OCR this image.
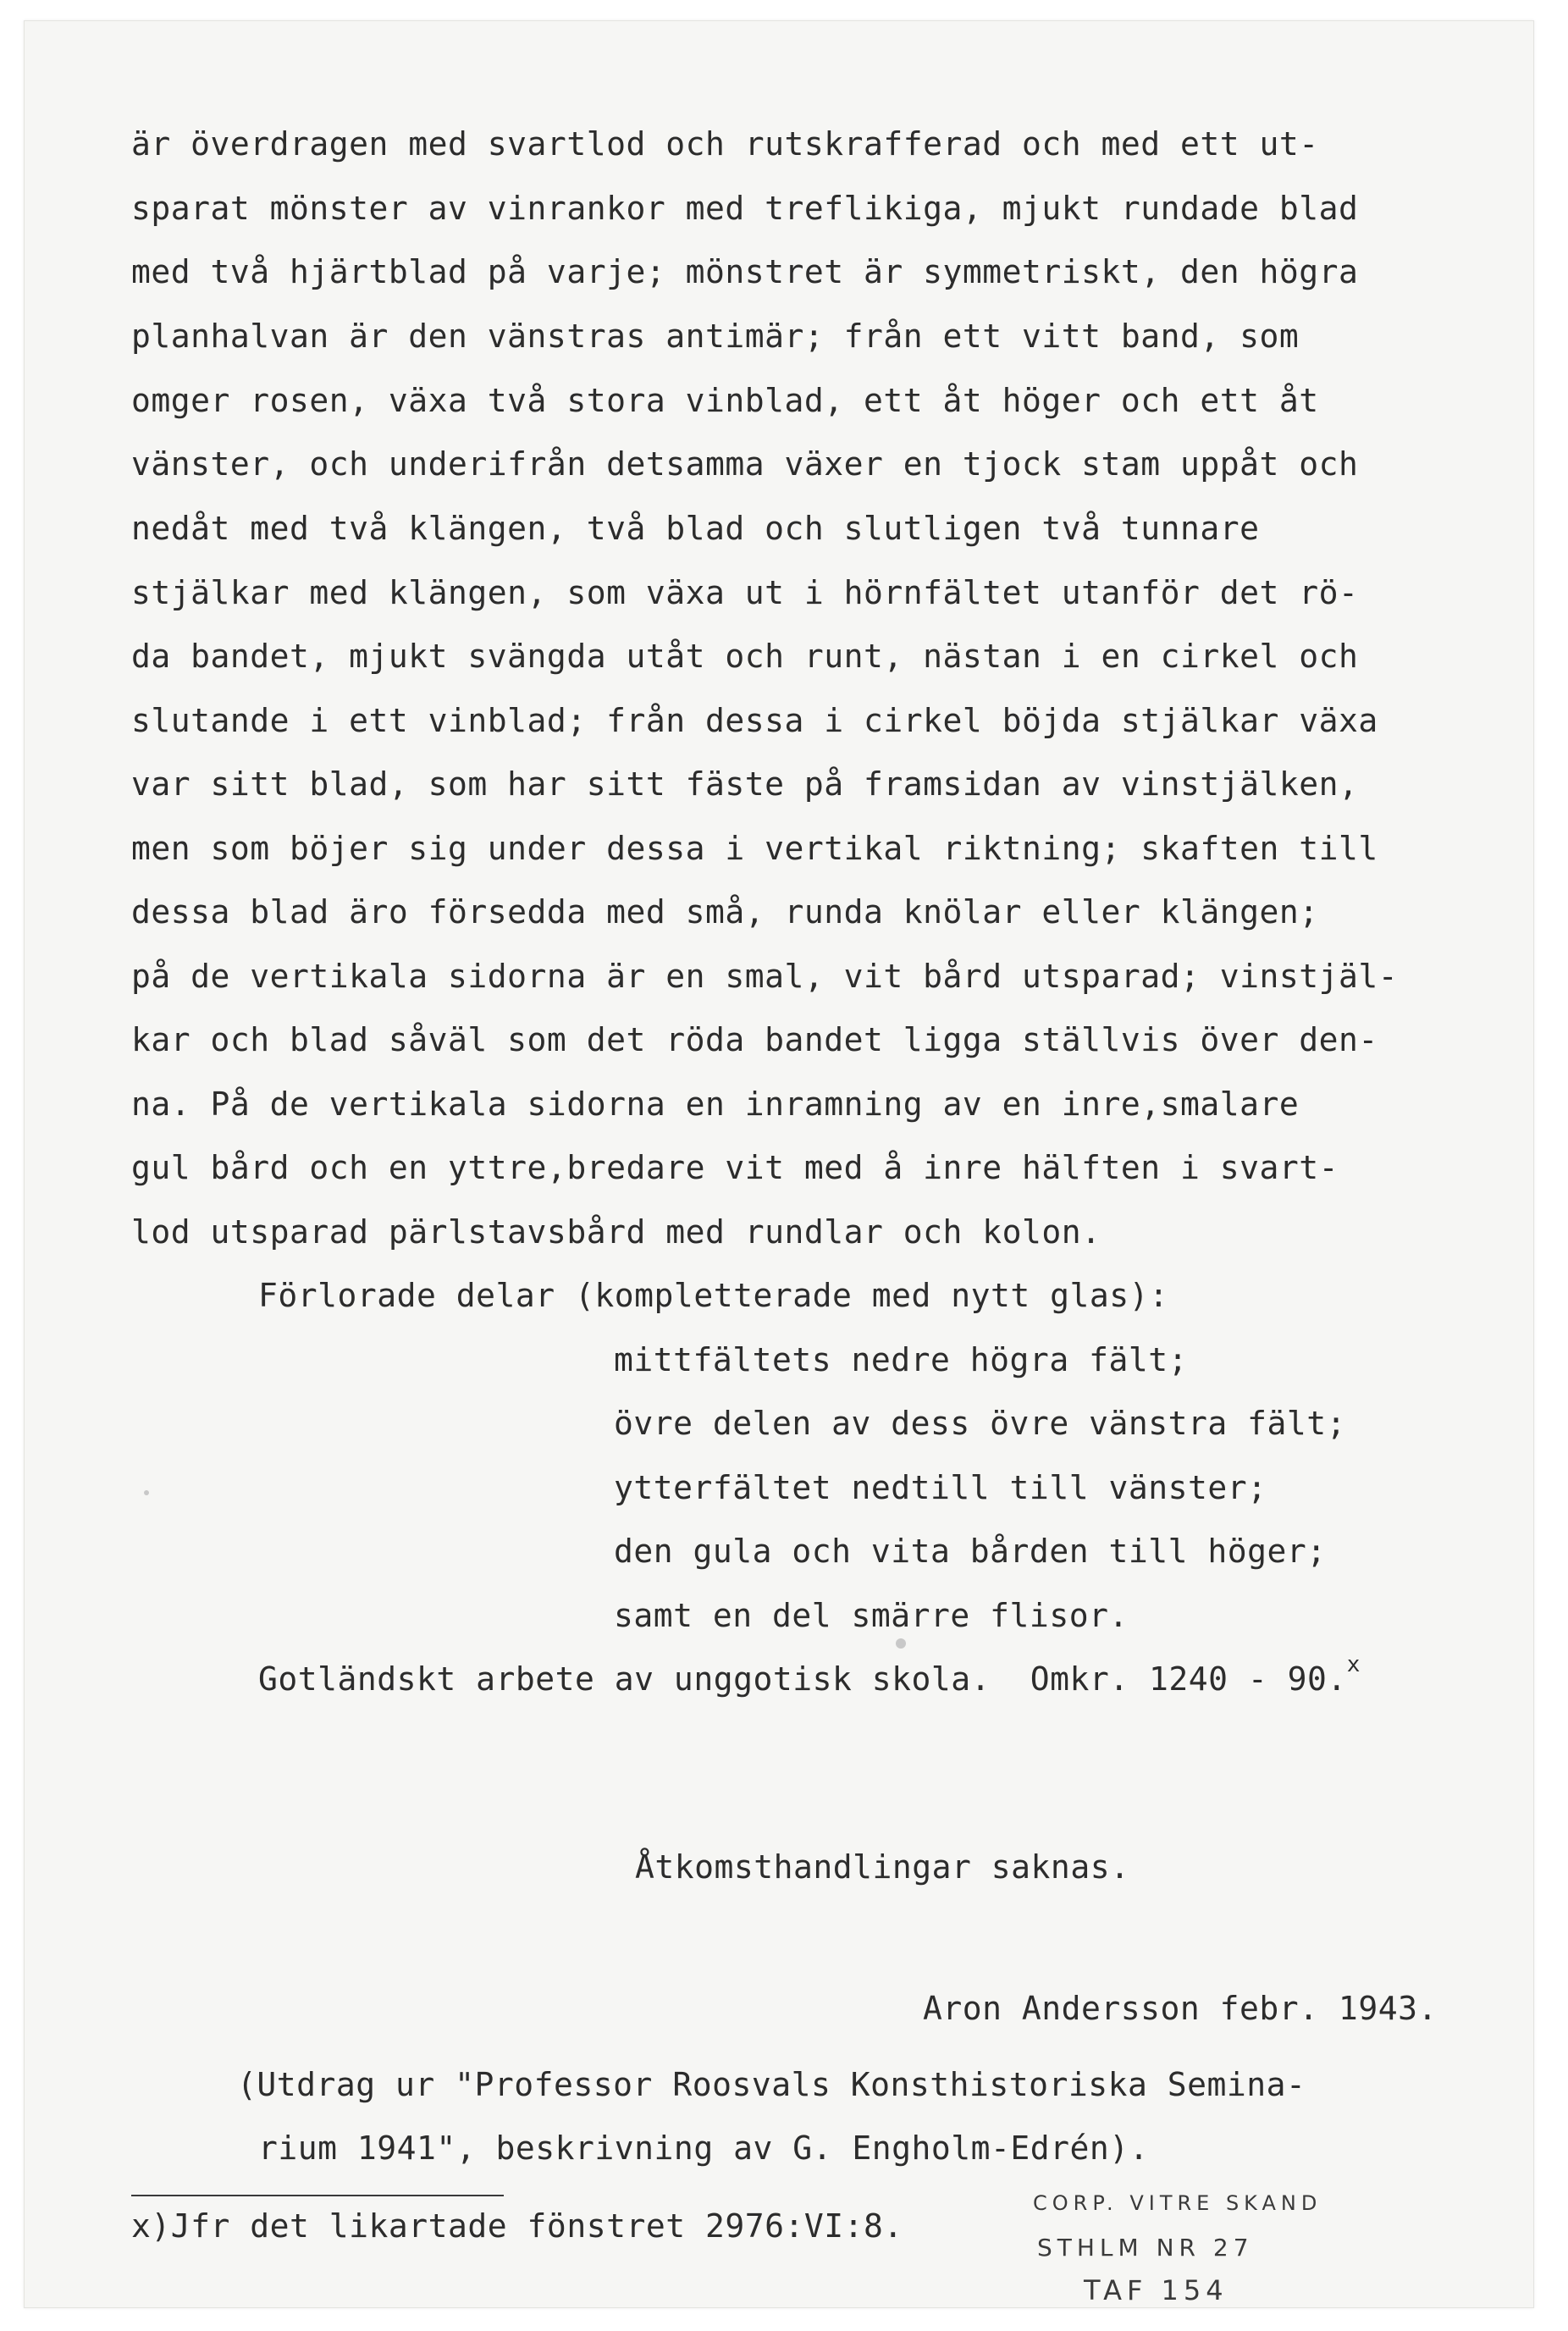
är överdragen med svartlod och rutskrafferad och med ett ut-

sparat mönster av vinrankor med treflikiga, mjukt rundade blad

med två hjärtblad på varje; mönstret är symmetriskt, den högra

planhalvan är den vänstras antimär; från ett vitt band, som

omger rosen, växa två stora vinblad, ett åt höger och ett åt

vänster, och underifrån detsamma växer en tjock stam uppåt och

nedåt med två klängen, två blad och slutligen två tunnare

stjälkar med klängen, som växa ut i hörnfältet utanför det rö-

da bandet, mjukt svängda utåt och runt, nästan i en cirkel och

slutande i ett vinblad; från dessa i cirkel böjda stjälkar växa

var sitt blad, som har sitt fäste på framsidan av vinstjälken,

men som böjer sig under dessa i vertikal riktning; skaften till

dessa blad äro försedda med små, runda knölar eller klängen;

på de vertikala sidorna är en smal, vit bård utsparad; vinstjäl-

kar och blad såväl som det röda bandet ligga ställvis över den-

na. På de vertikala sidorna en inramning av en inre,smalare

gul bård och en yttre,bredare vit med å inre hälften i svart-

lod utsparad pärlstavsbård med rundlar och kolon.

Förlorade delar (kompletterade med nytt glas):

mittfältets nedre högra fält;

övre delen av dess övre vänstra fält;

ytterfältet nedtill till vänster;

den gula och vita bården till höger;

samt en del smärre flisor.

Gotländskt arbete av unggotisk skola.  Omkr. 1240 - 90.$^x$

Åtkomsthandlingar saknas.

Aron Andersson febr. 1943.

(Utdrag ur "Professor Roosvals Konsthistoriska Semina-

rium 1941", beskrivning av G. Engholm-Edrén).

x)Jfr det likartade fönstret 2976:VI:8.

CORP. VITRE SKAND
STHLM NR 27
TAF 154
